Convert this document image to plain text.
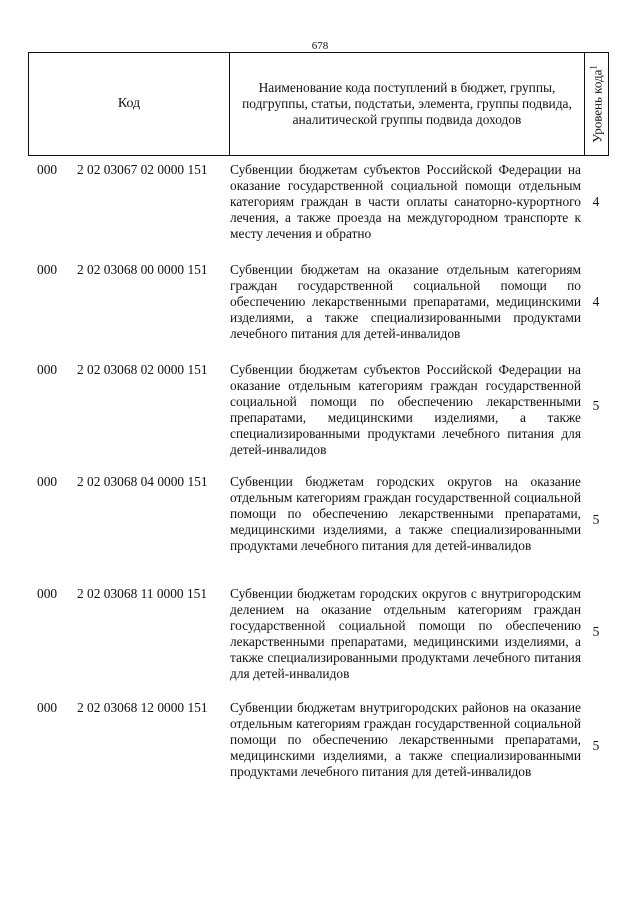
678
Код
Наименование кода поступлений в бюджет, группы, подгруппы, статьи, подстатьи, элемента, группы подвида, аналитической группы подвида доходов	Уровень кода$^1$
000 2 02 03067 02 0000 151 Субвенции бюджетам субъектов Российской Федерации на оказание государственной социальной помощи отдельным категориям граждан в части оплаты санаторно-курортного лечения, а также проезда на междугородном транспорте к месту лечения и обратно
4
000 2 02 03068 00 0000 151 Субвенции бюджетам на оказание отдельным категориям граждан государственной социальной помощи по обеспечению лекарственными препаратами, медицинскими изделиями, а также специализированными продуктами лечебного питания для детей-инвалидов
4
000 2 02 03068 02 0000 151 Субвенции бюджетам субъектов Российской Федерации на оказание отдельным категориям граждан государственной социальной помощи по обеспечению лекарственными препаратами, медицинскими изделиями, а также специализированными продуктами лечебного питания для детей-инвалидов
5
000 2 02 03068 04 0000 151 Субвенции бюджетам городских округов на оказание отдельным категориям граждан государственной социальной помощи по обеспечению лекарственными препаратами, медицинскими изделиями, а также специализированными продуктами лечебного питания для детей-инвалидов
5
000 2 02 03068 11 0000 151 Субвенции бюджетам городских округов с внутригородским делением на оказание отдельным категориям граждан государственной социальной помощи по обеспечению лекарственными препаратами, медицинскими изделиями, а также специализированными продуктами лечебного питания для детей-инвалидов
5
000 2 02 03068 12 0000 151 Субвенции бюджетам внутригородских районов на оказание отдельным категориям граждан государственной социальной помощи по обеспечению лекарственными препаратами, медицинскими изделиями, а также специализированными продуктами лечебного питания для детей-инвалидов
5
